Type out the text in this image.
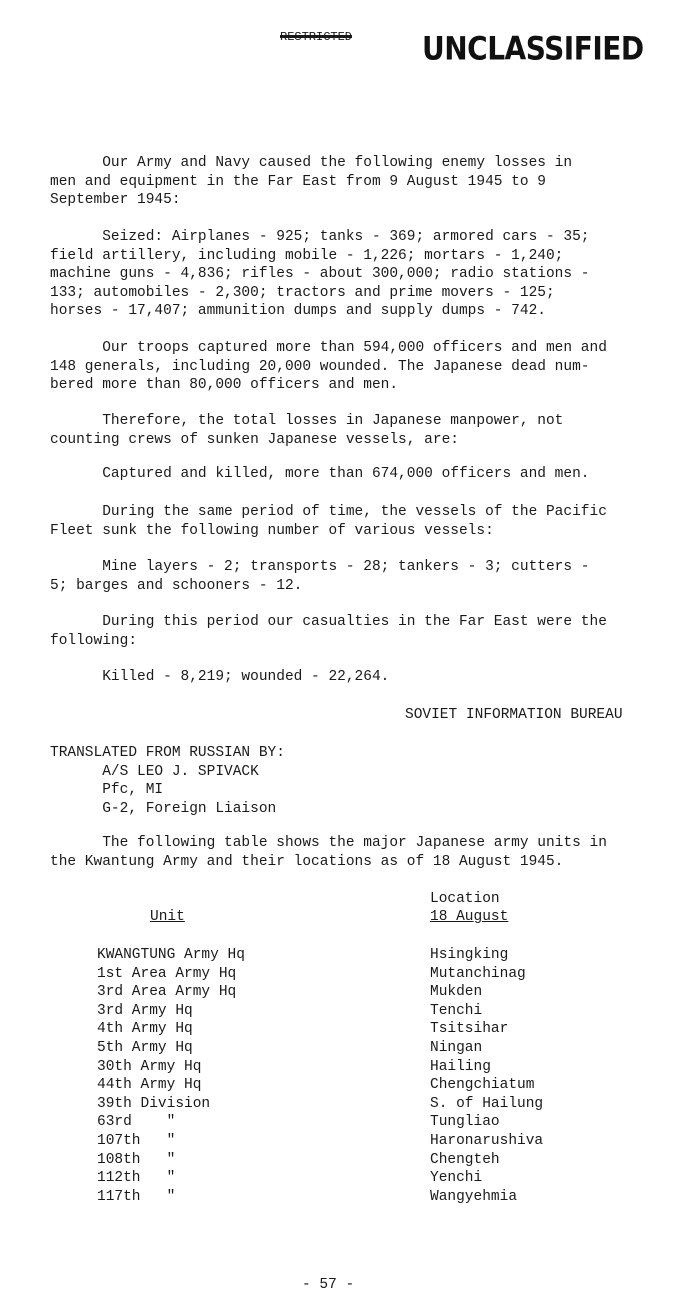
RESTRICTED UNCLASSIFIED
Our Army and Navy caused the following enemy losses in
men and equipment in the Far East from 9 August 1945 to 9
September 1945:
Seized: Airplanes - 925; tanks - 369; armored cars - 35;
field artillery, including mobile - 1,226; mortars - 1,240;
machine guns - 4,836; rifles - about 300,000; radio stations -
133; automobiles - 2,300; tractors and prime movers - 125;
horses - 17,407; ammunition dumps and supply dumps - 742.
Our troops captured more than 594,000 officers and men and
148 generals, including 20,000 wounded. The Japanese dead num-
bered more than 80,000 officers and men.
Therefore, the total losses in Japanese manpower, not
counting crews of sunken Japanese vessels, are:
Captured and killed, more than 674,000 officers and men.
During the same period of time, the vessels of the Pacific
Fleet sunk the following number of various vessels:
Mine layers - 2; transports - 28; tankers - 3; cutters -
5; barges and schooners - 12.
During this period our casualties in the Far East were the
following:
Killed - 8,219; wounded - 22,264.
SOVIET INFORMATION BUREAU
TRANSLATED FROM RUSSIAN BY:
A/S LEO J. SPIVACK
Pfc, MI
G-2, Foreign Liaison
The following table shows the major Japanese army units in
the Kwantung Army and their locations as of 18 August 1945.
Location
Unit	18 August
KWANGTUNG Army Hq
1st Area Army Hq
3rd Area Army Hq
3rd Army Hq
4th Army Hq
5th Army Hq
30th Army Hq
44th Army Hq
39th Division
63rd    "
107th   "
108th   "
112th   "
117th   "
Hsingking
Mutanchinag
Mukden
Tenchi
Tsitsihar
Ningan
Hailing
Chengchiatum
S. of Hailung
Tungliao
Haronarushiva
Chengteh
Yenchi
Wangyehmia
- 57 -
